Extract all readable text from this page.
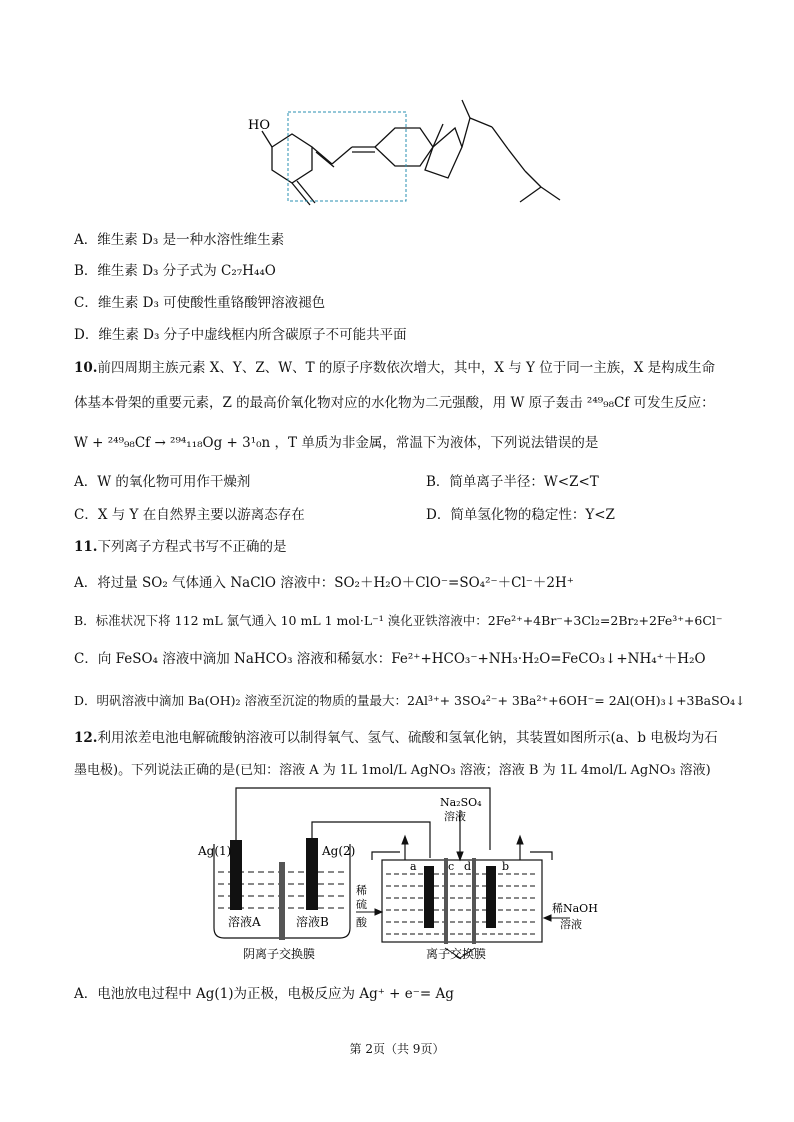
HO
A．维生素 D₃ 是一种水溶性维生素
B．维生素 D₃ 分子式为 C₂₇H₄₄O
C．维生素 D₃ 可使酸性重铬酸钾溶液褪色
D．维生素 D₃ 分子中虚线框内所含碳原子不可能共平面
10.前四周期主族元素 X、Y、Z、W、T 的原子序数依次增大，其中，X 与 Y 位于同一主族，X 是构成生命
体基本骨架的重要元素，Z 的最高价氧化物对应的水化物为二元强酸，用 W 原子轰击 ²⁴⁹₉₈Cf 可发生反应：
W + ²⁴⁹₉₈Cf → ²⁹⁴₁₁₈Og + 3¹₀n ，T 单质为非金属，常温下为液体，下列说法错误的是
A．W 的氧化物可用作干燥剂	B．简单离子半径：W<Z<T
C．X 与 Y 在自然界主要以游离态存在	D．简单氢化物的稳定性：Y<Z
11.下列离子方程式书写不正确的是
A．将过量 SO₂ 气体通入 NaClO 溶液中：SO₂＋H₂O＋ClO⁻=SO₄²⁻＋Cl⁻＋2H⁺
B．标准状况下将 112 mL 氯气通入 10 mL 1 mol·L⁻¹ 溴化亚铁溶液中：2Fe²⁺+4Br⁻+3Cl₂=2Br₂+2Fe³⁺+6Cl⁻
C．向 FeSO₄ 溶液中滴加 NaHCO₃ 溶液和稀氨水：Fe²⁺+HCO₃⁻+NH₃·H₂O=FeCO₃↓+NH₄⁺＋H₂O
D．明矾溶液中滴加 Ba(OH)₂ 溶液至沉淀的物质的量最大：2Al³⁺+ 3SO₄²⁻+ 3Ba²⁺+6OH⁻= 2Al(OH)₃↓+3BaSO₄↓
12.利用浓差电池电解硫酸钠溶液可以制得氧气、氢气、硫酸和氢氧化钠，其装置如图所示(a、b 电极均为石
墨电极)。下列说法正确的是(已知：溶液 A 为 1L 1mol/L AgNO₃ 溶液；溶液 B 为 1L 4mol/L AgNO₃ 溶液)
Ag(1)	Ag(2)
溶液A	溶液B
阴离子交换膜
Na₂SO₄
溶液
a	c d	b
稀
硫
酸
稀NaOH
溶液
离子交换膜
A．电池放电过程中 Ag(1)为正极，电极反应为 Ag⁺ + e⁻= Ag
第 2页（共 9页）
